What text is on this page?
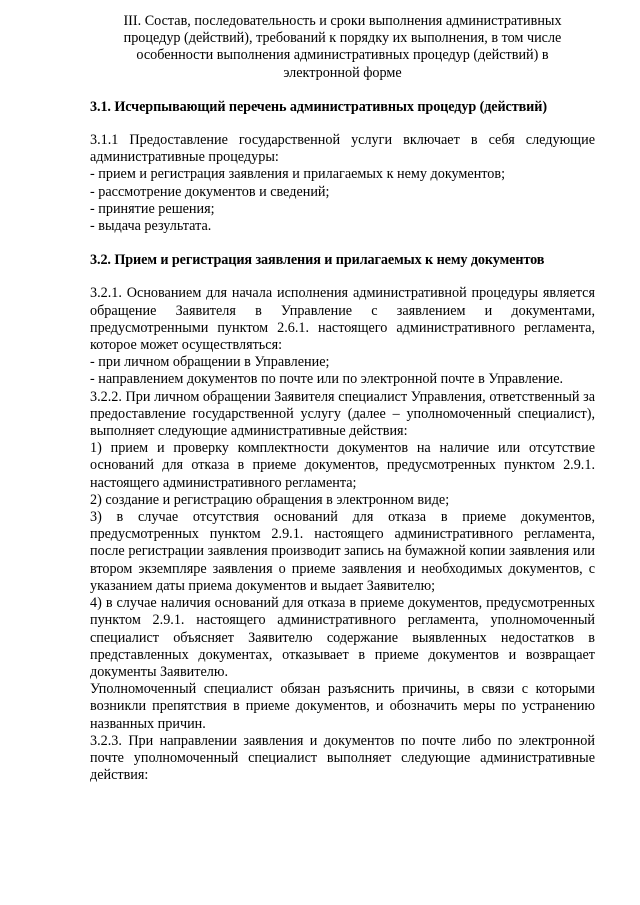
III. Состав, последовательность и сроки выполнения административных процедур (действий), требований к порядку их выполнения, в том числе особенности выполнения административных процедур (действий) в электронной форме
3.1. Исчерпывающий перечень административных процедур (действий)
3.1.1 Предоставление государственной услуги включает в себя следующие административные процедуры:
- прием и регистрация заявления и прилагаемых к нему документов;
- рассмотрение документов и сведений;
- принятие решения;
- выдача результата.
3.2. Прием и регистрация заявления и прилагаемых к нему документов
3.2.1. Основанием для начала исполнения административной процедуры является обращение Заявителя в Управление с заявлением и документами, предусмотренными пунктом 2.6.1. настоящего административного регламента, которое может осуществляться:
- при личном обращении в Управление;
- направлением документов по почте или по электронной почте в Управление.
3.2.2. При личном обращении Заявителя специалист Управления, ответственный за предоставление государственной услугу (далее – уполномоченный специалист), выполняет следующие административные действия:
1) прием и проверку комплектности документов на наличие или отсутствие оснований для отказа в приеме документов, предусмотренных пунктом 2.9.1. настоящего административного регламента;
2) создание и регистрацию обращения в электронном виде;
3) в случае отсутствия оснований для отказа в приеме документов, предусмотренных пунктом 2.9.1. настоящего административного регламента, после регистрации заявления производит запись на бумажной копии заявления или втором экземпляре заявления о приеме заявления и необходимых документов, с указанием даты приема документов и выдает Заявителю;
4) в случае наличия оснований для отказа в приеме документов, предусмотренных пунктом 2.9.1. настоящего административного регламента, уполномоченный специалист объясняет Заявителю содержание выявленных недостатков в представленных документах, отказывает в приеме документов и возвращает документы Заявителю.
Уполномоченный специалист обязан разъяснить причины, в связи с которыми возникли препятствия в приеме документов, и обозначить меры по устранению названных причин.
3.2.3. При направлении заявления и документов по почте либо по электронной почте уполномоченный специалист выполняет следующие административные действия:
